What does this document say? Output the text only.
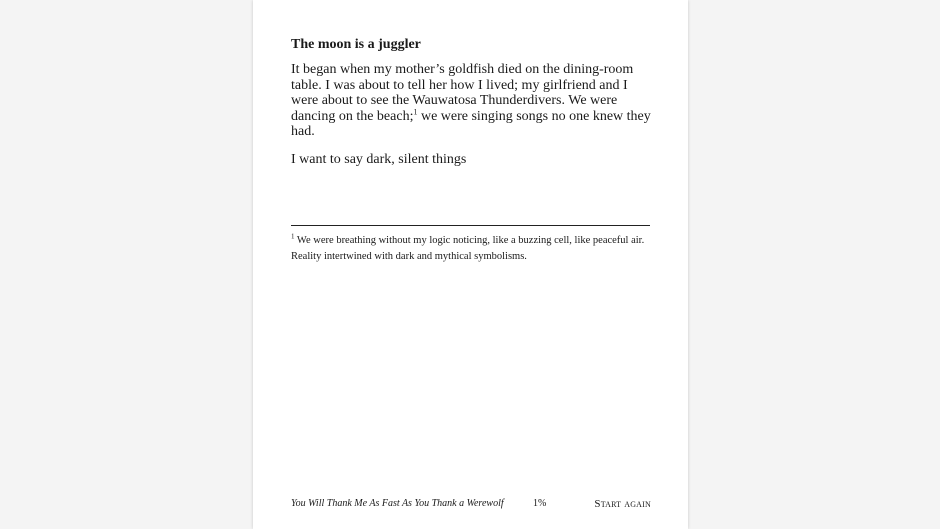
The moon is a juggler

It began when my mother’s goldfish died on the dining-room table. I was about to tell her how I lived; my girlfriend and I were about to see the Wauwatosa Thunderdivers. We were dancing on the beach;$^1$ we were singing songs no one knew they had.

I want to say dark, silent things

$^1$ We were breathing without my logic noticing, like a buzzing cell, like peaceful air. Reality intertwined with dark and mythical symbolisms.
You Will Thank Me As Fast As You Thank a Werewolf	1%	Start again
